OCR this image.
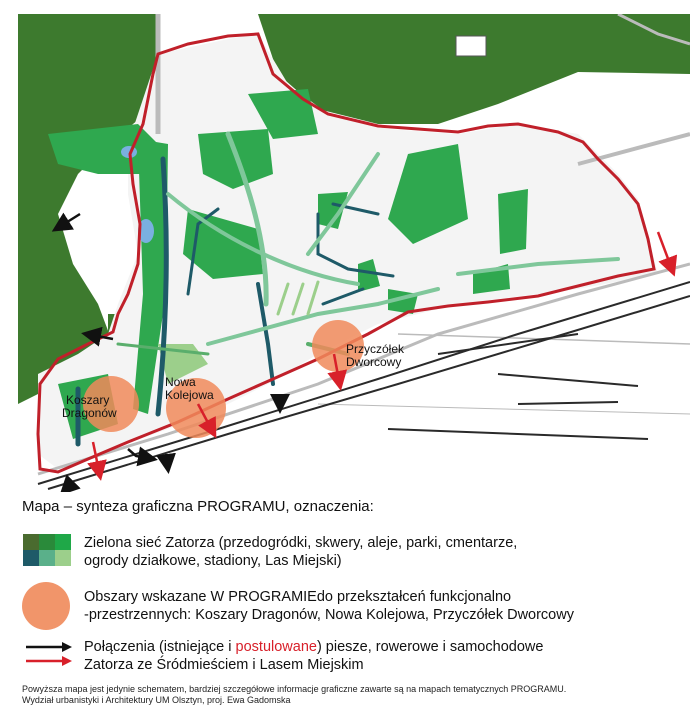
Koszary Dragonów
Nowa Kolejowa
Przyczółek Dworcowy
Mapa – synteza graficzna PROGRAMU, oznaczenia:
Zielona sieć Zatorza (przedogródki, skwery, aleje, parki, cmentarze,
ogrody działkowe, stadiony, Las Miejski)
Obszary wskazane W PROGRAMIEdo przekształceń funkcjonalno
-przestrzennych: Koszary Dragonów, Nowa Kolejowa, Przyczółek Dworcowy
Połączenia (istniejące i postulowane) piesze, rowerowe i samochodowe
Zatorza ze Śródmieściem i Lasem Miejskim
Powyższa mapa jest jedynie schematem, bardziej szczegółowe informacje graficzne zawarte są na mapach tematycznych PROGRAMU.
Wydział urbanistyki i Architektury UM Olsztyn, proj. Ewa Gadomska
